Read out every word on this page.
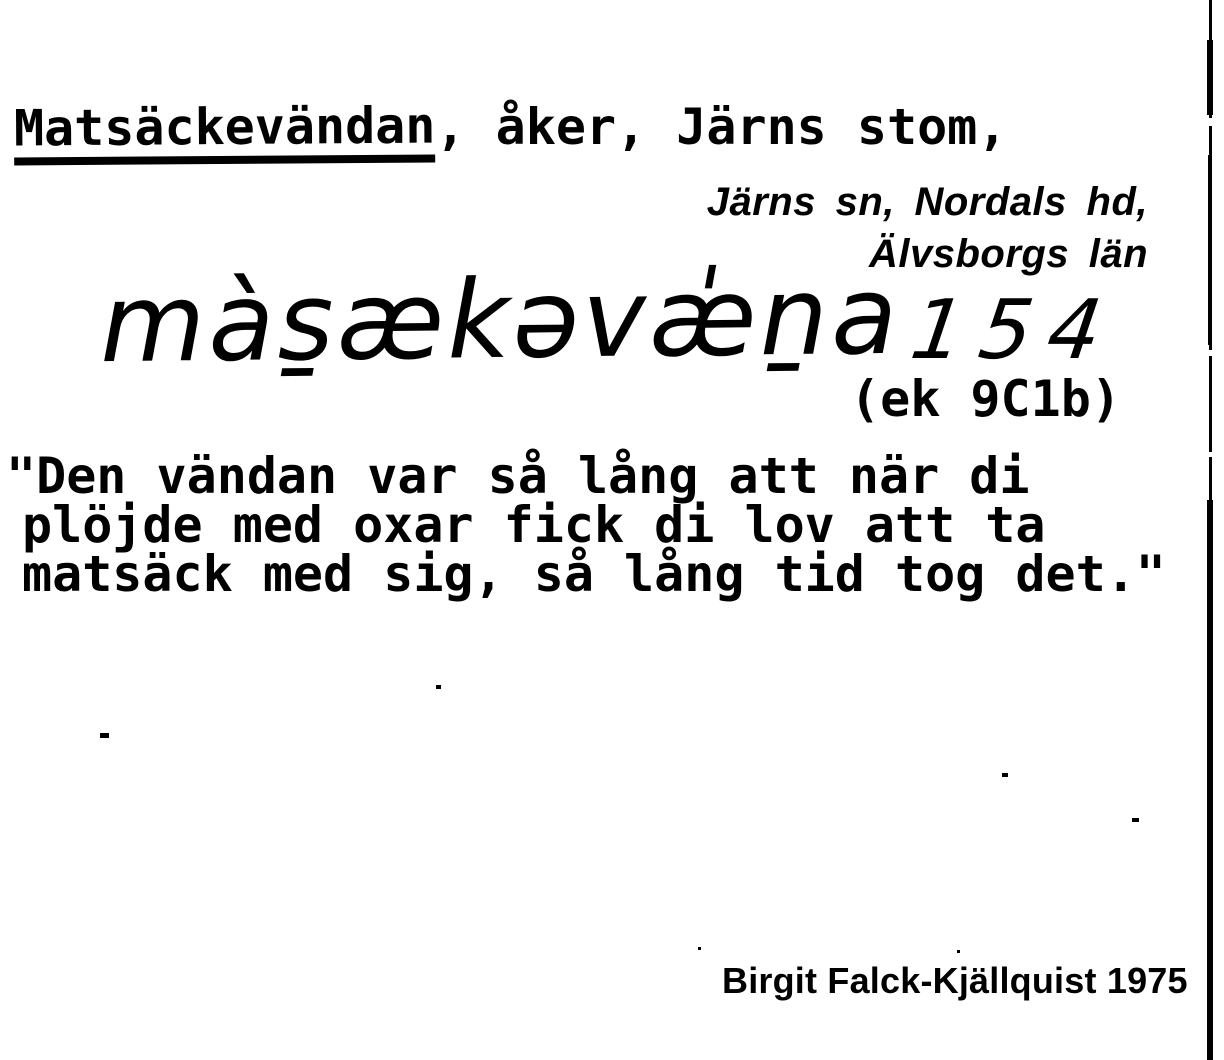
Matsäckevändan, åker, Järns stom,
Järns sn, Nordals hd,
Älvsborgs län
màs̱ækəvæ̍ṉa 154
(ek 9C1b)
"Den vändan var så lång att när di
plöjde med oxar fick di lov att ta
matsäck med sig, så lång tid tog det."
Birgit Falck-Kjällquist 1975
